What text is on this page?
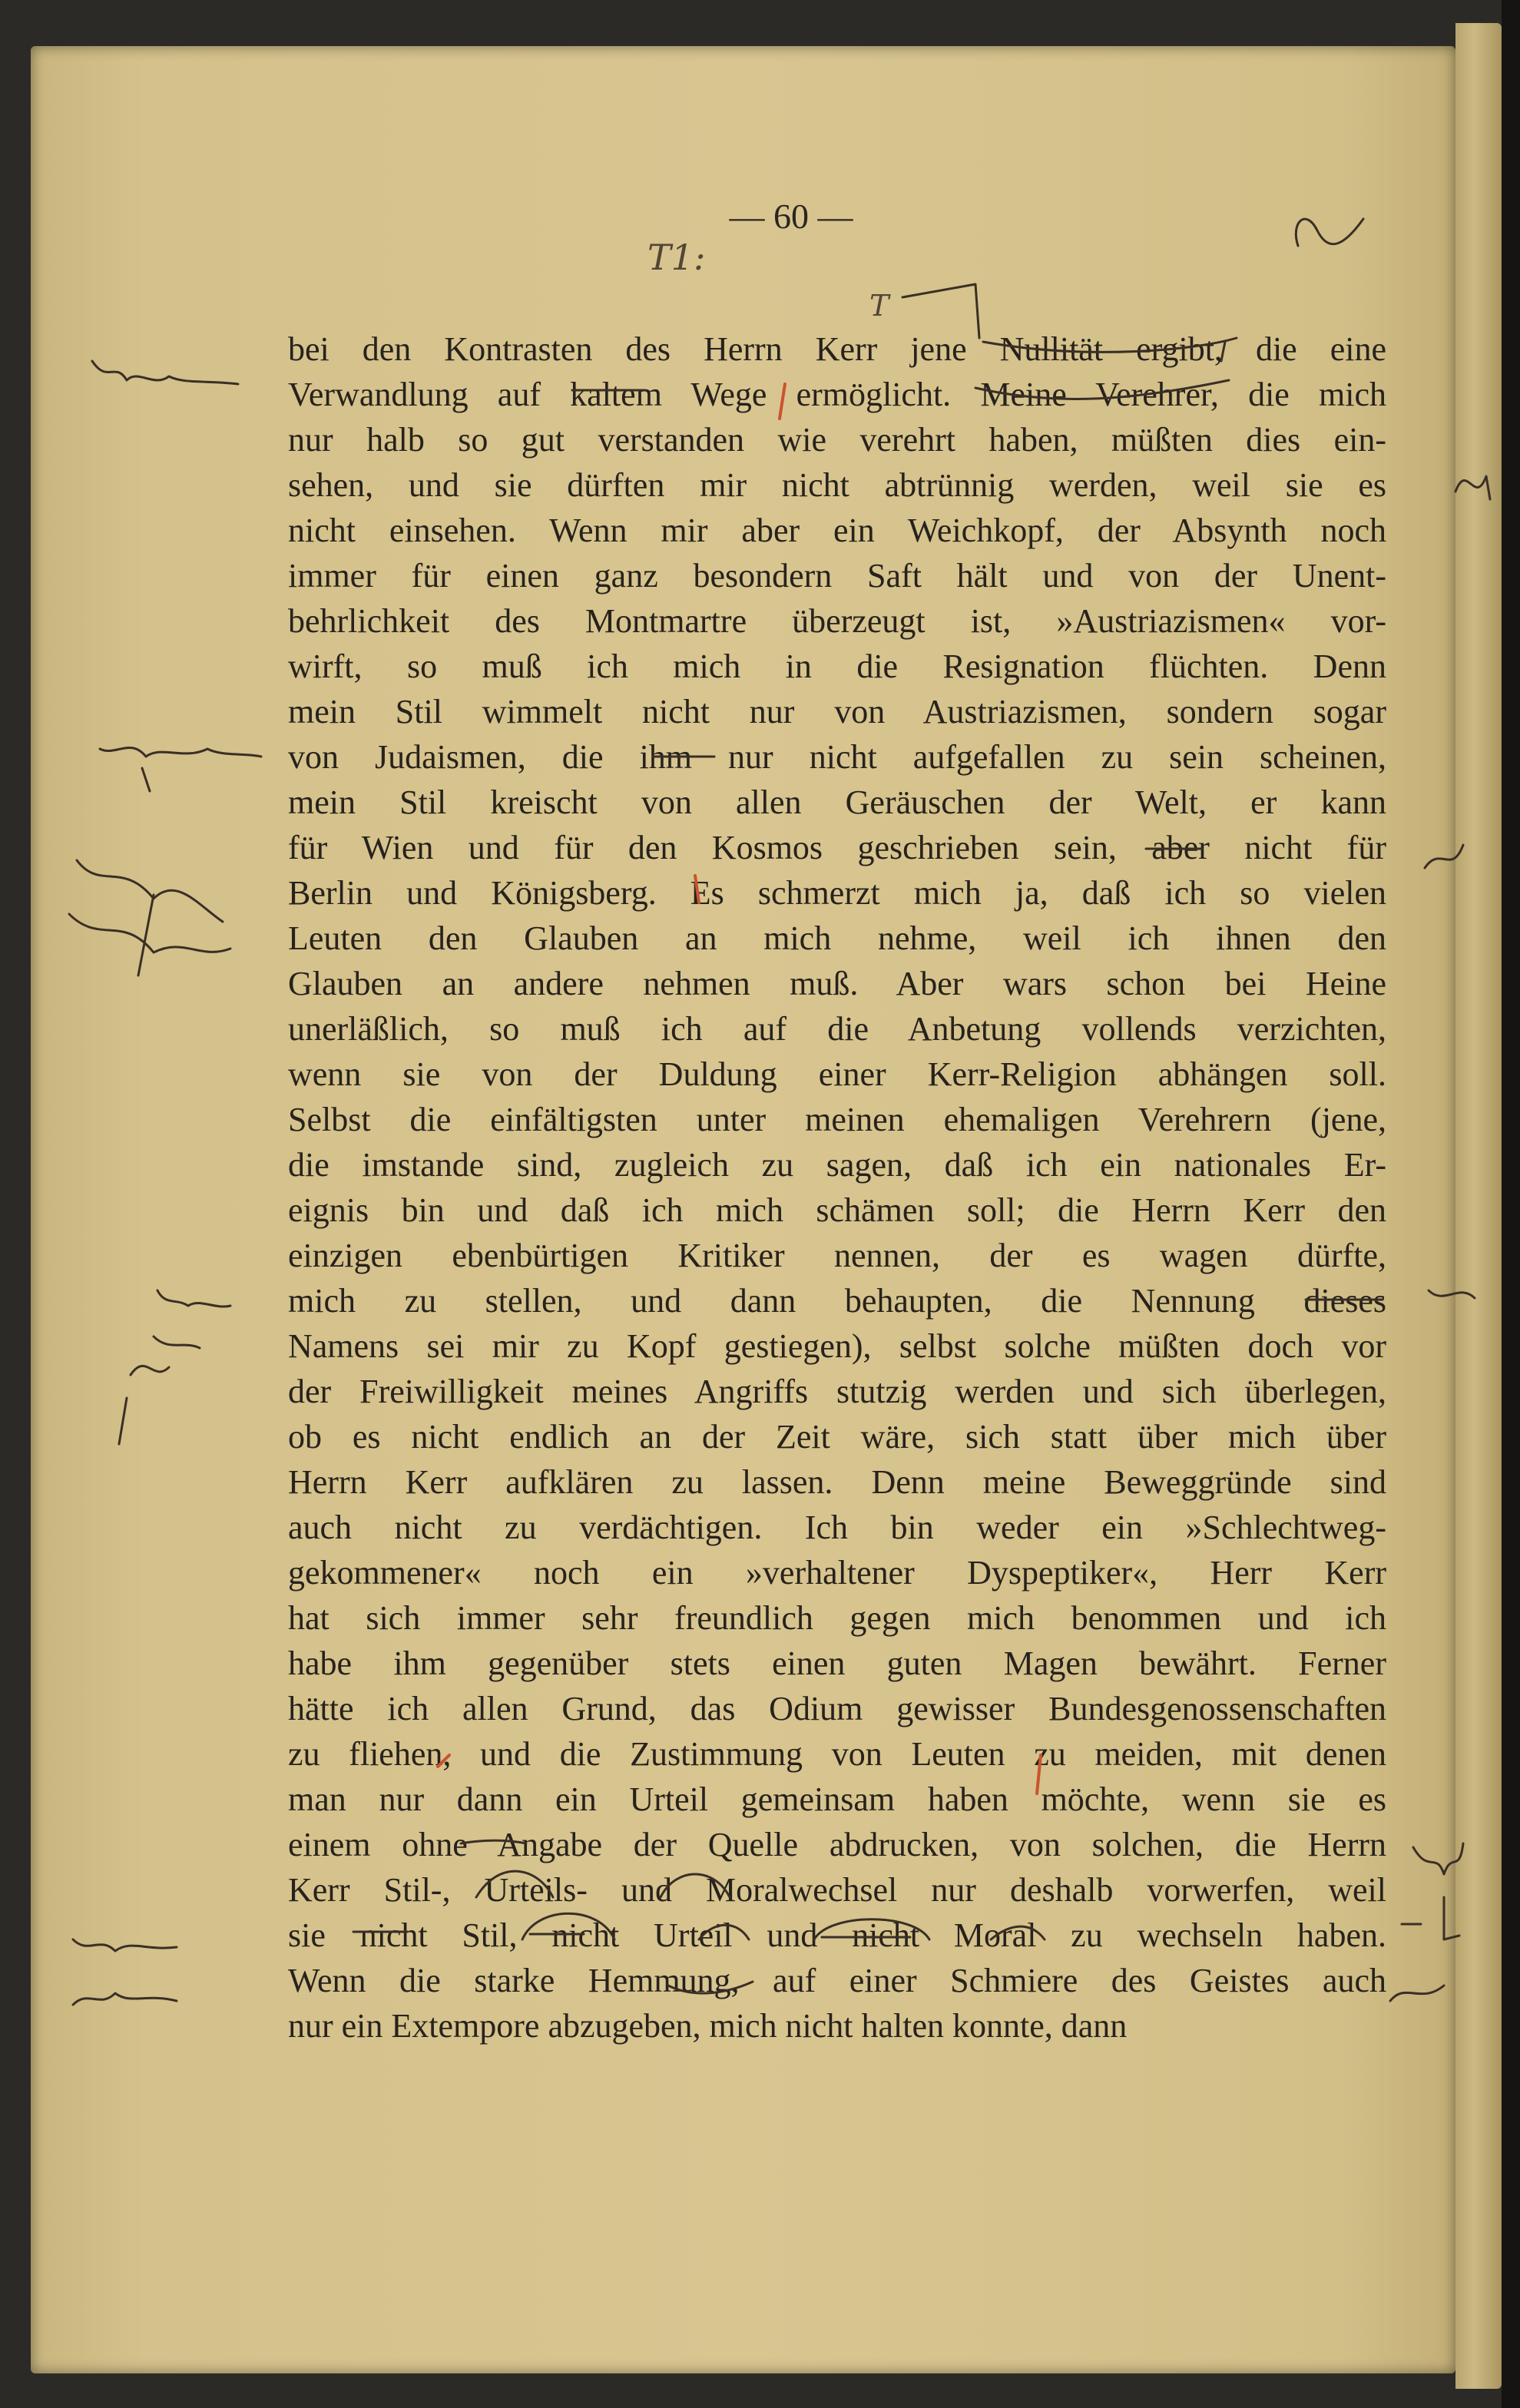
— 60 —
T1:
T
bei den Kontrasten des Herrn Kerr jene Nullität ergibt, die eine
Verwandlung auf kaltem Wege ermöglicht. Meine Verehrer, die mich
nur halb so gut verstanden wie verehrt haben, müßten dies ein-
sehen, und sie dürften mir nicht abtrünnig werden, weil sie es
nicht einsehen. Wenn mir aber ein Weichkopf, der Absynth noch
immer für einen ganz besondern Saft hält und von der Unent-
behrlichkeit des Montmartre überzeugt ist, »Austriazismen« vor-
wirft, so muß ich mich in die Resignation flüchten. Denn
mein Stil wimmelt nicht nur von Austriazismen, sondern sogar
von Judaismen, die ihm nur nicht aufgefallen zu sein scheinen,
mein Stil kreischt von allen Geräuschen der Welt, er kann
für Wien und für den Kosmos geschrieben sein, aber nicht für
Berlin und Königsberg. Es schmerzt mich ja, daß ich so vielen
Leuten den Glauben an mich nehme, weil ich ihnen den
Glauben an andere nehmen muß. Aber wars schon bei Heine
unerläßlich, so muß ich auf die Anbetung vollends verzichten,
wenn sie von der Duldung einer Kerr-Religion abhängen soll.
Selbst die einfältigsten unter meinen ehemaligen Verehrern (jene,
die imstande sind, zugleich zu sagen, daß ich ein nationales Er-
eignis bin und daß ich mich schämen soll; die Herrn Kerr den
einzigen ebenbürtigen Kritiker nennen, der es wagen dürfte,
mich zu stellen, und dann behaupten, die Nennung dieses
Namens sei mir zu Kopf gestiegen), selbst solche müßten doch vor
der Freiwilligkeit meines Angriffs stutzig werden und sich überlegen,
ob es nicht endlich an der Zeit wäre, sich statt über mich über
Herrn Kerr aufklären zu lassen. Denn meine Beweggründe sind
auch nicht zu verdächtigen. Ich bin weder ein »Schlechtweg-
gekommener« noch ein »verhaltener Dyspeptiker«, Herr Kerr
hat sich immer sehr freundlich gegen mich benommen und ich
habe ihm gegenüber stets einen guten Magen bewährt. Ferner
hätte ich allen Grund, das Odium gewisser Bundesgenossenschaften
zu fliehen, und die Zustimmung von Leuten zu meiden, mit denen
man nur dann ein Urteil gemeinsam haben möchte, wenn sie es
einem ohne Angabe der Quelle abdrucken, von solchen, die Herrn
Kerr Stil-, Urteils- und Moralwechsel nur deshalb vorwerfen, weil
sie nicht Stil, nicht Urteil und nicht Moral zu wechseln haben.
Wenn die starke Hemmung, auf einer Schmiere des Geistes auch
nur ein Extempore abzugeben, mich nicht halten konnte, dann
